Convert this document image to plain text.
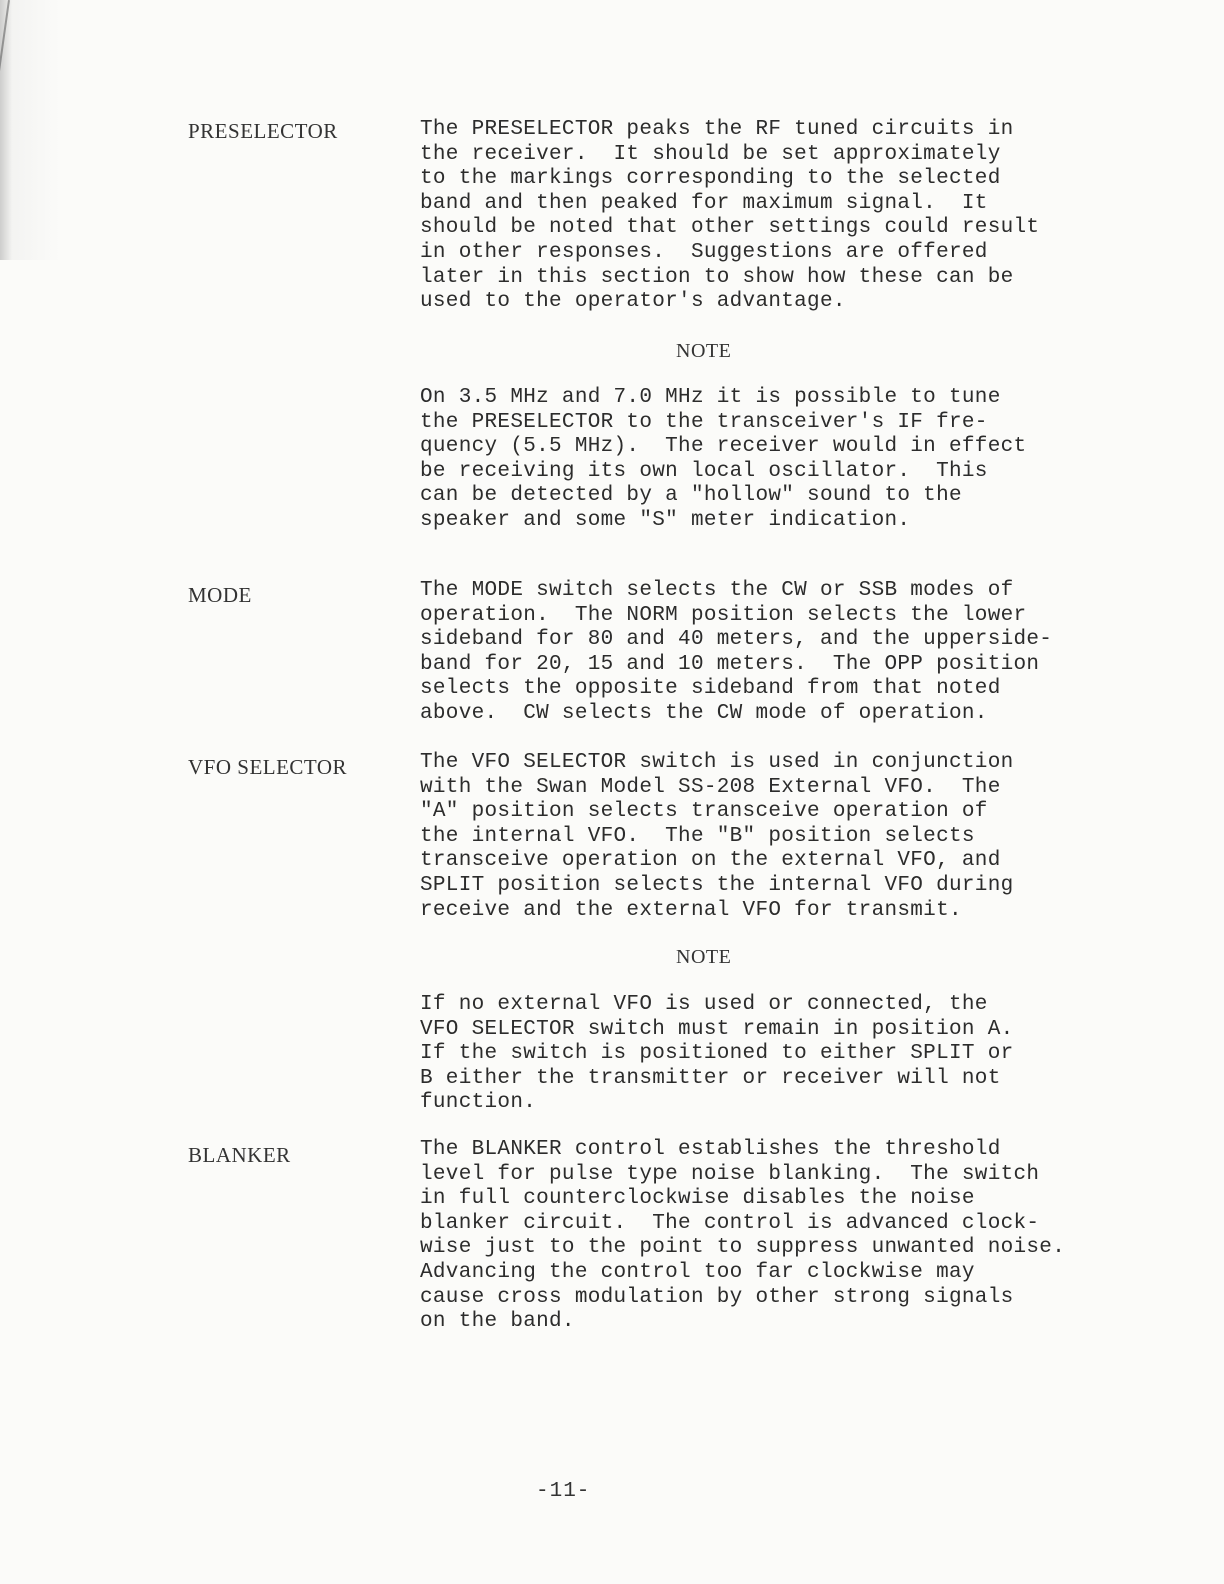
PRESELECTOR	The PRESELECTOR peaks the RF tuned circuits in
the receiver.  It should be set approximately
to the markings corresponding to the selected
band and then peaked for maximum signal.  It
should be noted that other settings could result
in other responses.  Suggestions are offered
later in this section to show how these can be
used to the operator's advantage.

NOTE

On 3.5 MHz and 7.0 MHz it is possible to tune
the PRESELECTOR to the transceiver's IF fre-
quency (5.5 MHz).  The receiver would in effect
be receiving its own local oscillator.  This
can be detected by a "hollow" sound to the
speaker and some "S" meter indication.

MODE	The MODE switch selects the CW or SSB modes of
operation.  The NORM position selects the lower
sideband for 80 and 40 meters, and the upperside-
band for 20, 15 and 10 meters.  The OPP position
selects the opposite sideband from that noted
above.  CW selects the CW mode of operation.

VFO SELECTOR	The VFO SELECTOR switch is used in conjunction
with the Swan Model SS-208 External VFO.  The
"A" position selects transceive operation of
the internal VFO.  The "B" position selects
transceive operation on the external VFO, and
SPLIT position selects the internal VFO during
receive and the external VFO for transmit.

NOTE

If no external VFO is used or connected, the
VFO SELECTOR switch must remain in position A.
If the switch is positioned to either SPLIT or
B either the transmitter or receiver will not
function.

BLANKER	The BLANKER control establishes the threshold
level for pulse type noise blanking.  The switch
in full counterclockwise disables the noise
blanker circuit.  The control is advanced clock-
wise just to the point to suppress unwanted noise.
Advancing the control too far clockwise may
cause cross modulation by other strong signals
on the band.

-11-
